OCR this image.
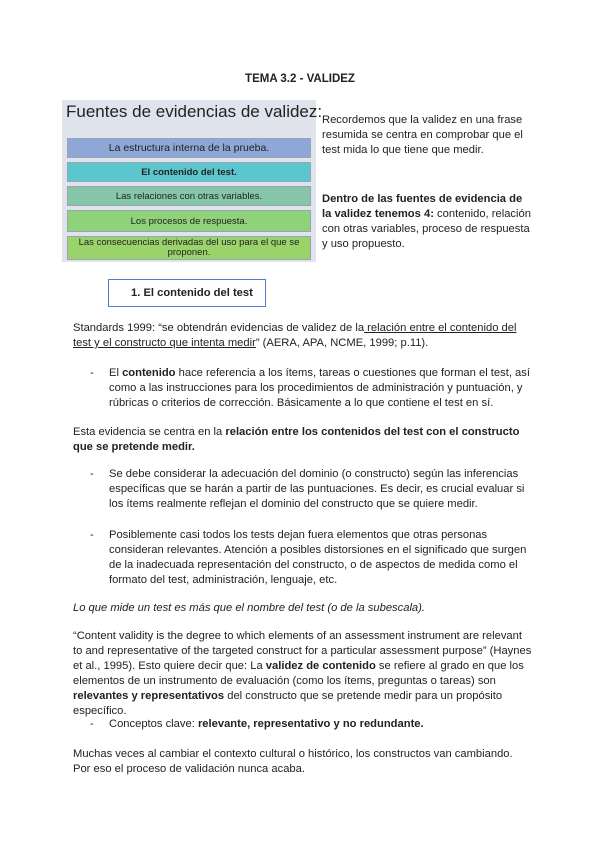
TEMA 3.2 - VALIDEZ
Fuentes de evidencias de validez:
La estructura interna de la prueba.
El contenido del test.
Las relaciones con otras variables.
Los procesos de respuesta.
Las consecuencias derivadas del uso para el que se proponen.
Recordemos que la validez en una frase resumida se centra en comprobar que el test mida lo que tiene que medir.
Dentro de las fuentes de evidencia de la validez tenemos 4: contenido, relación con otras variables, proceso de respuesta y uso propuesto.
1. El contenido del test
Standards 1999: “se obtendrán evidencias de validez de la relación entre el contenido del test y el constructo que intenta medir” (AERA, APA, NCME, 1999; p.11).
- El contenido hace referencia a los ítems, tareas o cuestiones que forman el test, así como a las instrucciones para los procedimientos de administración y puntuación, y rúbricas o criterios de corrección. Básicamente a lo que contiene el test en sí.
Esta evidencia se centra en la relación entre los contenidos del test con el constructo que se pretende medir.
- Se debe considerar la adecuación del dominio (o constructo) según las inferencias específicas que se harán a partir de las puntuaciones. Es decir, es crucial evaluar si los ítems realmente reflejan el dominio del constructo que se quiere medir.
- Posiblemente casi todos los tests dejan fuera elementos que otras personas consideran relevantes. Atención a posibles distorsiones en el significado que surgen de la inadecuada representación del constructo, o de aspectos de medida como el formato del test, administración, lenguaje, etc.
Lo que mide un test es más que el nombre del test (o de la subescala).
“Content validity is the degree to which elements of an assessment instrument are relevant to and representative of the targeted construct for a particular assessment purpose” (Haynes et al., 1995). Esto quiere decir que: La validez de contenido se refiere al grado en que los elementos de un instrumento de evaluación (como los ítems, preguntas o tareas) son relevantes y representativos del constructo que se pretende medir para un propósito específico.
- Conceptos clave: relevante, representativo y no redundante.
Muchas veces al cambiar el contexto cultural o histórico, los constructos van cambiando. Por eso el proceso de validación nunca acaba.
